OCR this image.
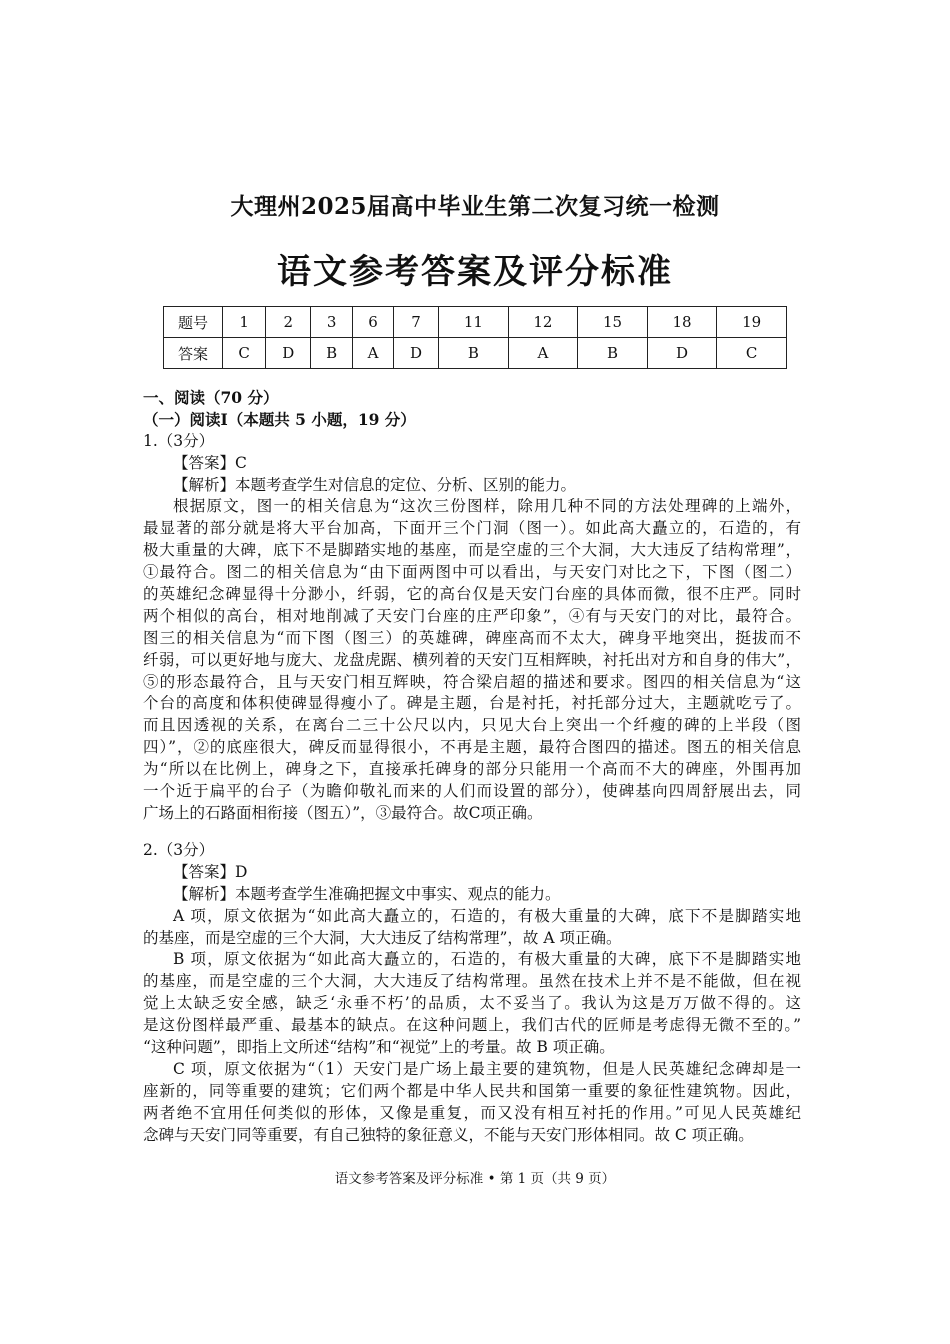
大理州2025届高中毕业生第二次复习统一检测
语文参考答案及评分标准
题号	1	2	3	6	7	11	12	15	18	19
答案	C	D	B	A	D	B	A	B	D	C
一、阅读（70 分）
（一）阅读Ⅰ（本题共 5 小题，19 分）
1.（3分）
【答案】C
【解析】本题考查学生对信息的定位、分析、区别的能力。
根据原文，图一的相关信息为“这次三份图样，除用几种不同的方法处理碑的上端外，
最显著的部分就是将大平台加高，下面开三个门洞（图一）。如此高大矗立的，石造的，有
极大重量的大碑，底下不是脚踏实地的基座，而是空虚的三个大洞，大大违反了结构常理”，
①最符合。图二的相关信息为“由下面两图中可以看出，与天安门对比之下，下图（图二）
的英雄纪念碑显得十分渺小，纤弱，它的高台仅是天安门台座的具体而微，很不庄严。同时
两个相似的高台，相对地削减了天安门台座的庄严印象”，④有与天安门的对比，最符合。
图三的相关信息为“而下图（图三）的英雄碑，碑座高而不太大，碑身平地突出，挺拔而不
纤弱，可以更好地与庞大、龙盘虎踞、横列着的天安门互相辉映，衬托出对方和自身的伟大”，
⑤的形态最符合，且与天安门相互辉映，符合梁启超的描述和要求。图四的相关信息为“这
个台的高度和体积使碑显得瘦小了。碑是主题，台是衬托，衬托部分过大，主题就吃亏了。
而且因透视的关系，在离台二三十公尺以内，只见大台上突出一个纤瘦的碑的上半段（图
四）”，②的底座很大，碑反而显得很小，不再是主题，最符合图四的描述。图五的相关信息
为“所以在比例上，碑身之下，直接承托碑身的部分只能用一个高而不大的碑座，外围再加
一个近于扁平的台子（为瞻仰敬礼而来的人们而设置的部分），使碑基向四周舒展出去，同
广场上的石路面相衔接（图五）”，③最符合。故C项正确。
2.（3分）
【答案】D
【解析】本题考查学生准确把握文中事实、观点的能力。
A 项，原文依据为“如此高大矗立的，石造的，有极大重量的大碑，底下不是脚踏实地
的基座，而是空虚的三个大洞，大大违反了结构常理”，故 A 项正确。
B 项，原文依据为“如此高大矗立的，石造的，有极大重量的大碑，底下不是脚踏实地
的基座，而是空虚的三个大洞，大大违反了结构常理。虽然在技术上并不是不能做，但在视
觉上太缺乏安全感，缺乏‘永垂不朽’的品质，太不妥当了。我认为这是万万做不得的。这
是这份图样最严重、最基本的缺点。在这种问题上，我们古代的匠师是考虑得无微不至的。”
“这种问题”，即指上文所述“结构”和“视觉”上的考量。故 B 项正确。
C 项，原文依据为“（1）天安门是广场上最主要的建筑物，但是人民英雄纪念碑却是一
座新的，同等重要的建筑；它们两个都是中华人民共和国第一重要的象征性建筑物。因此，
两者绝不宜用任何类似的形体，又像是重复，而又没有相互衬托的作用。”可见人民英雄纪
念碑与天安门同等重要，有自己独特的象征意义，不能与天安门形体相同。故 C 项正确。
语文参考答案及评分标准 • 第 1 页（共 9 页）
